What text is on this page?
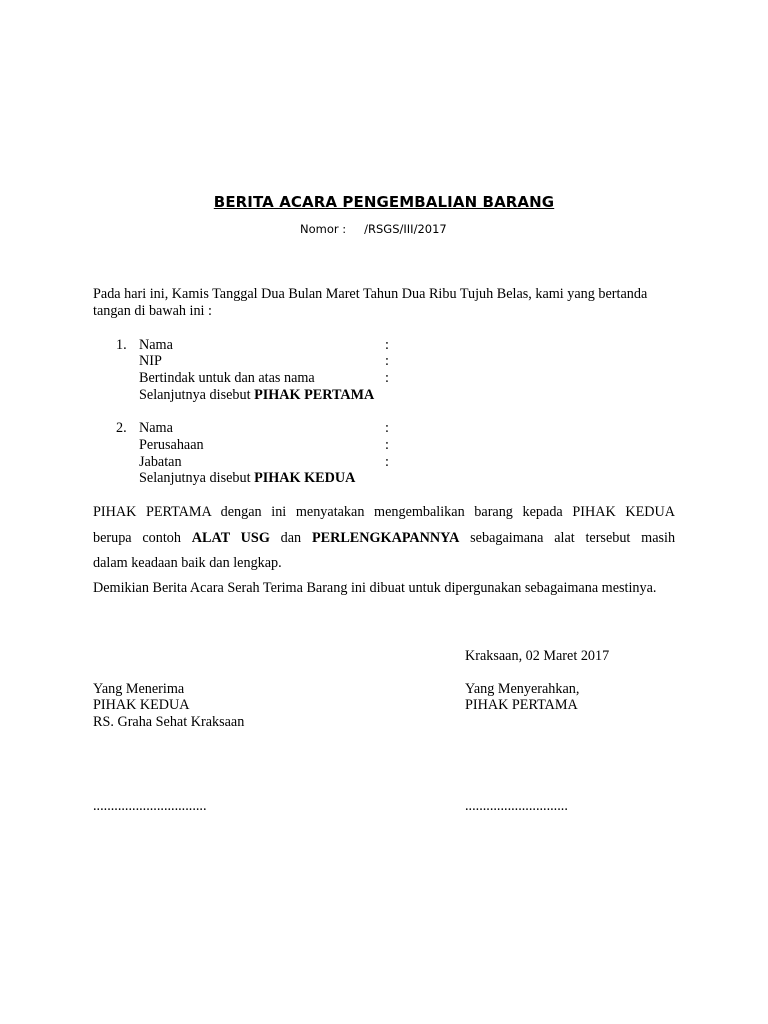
BERITA ACARA PENGEMBALIAN BARANG
Nomor : /RSGS/III/2017
Pada hari ini, Kamis Tanggal Dua Bulan Maret Tahun Dua Ribu Tujuh Belas, kami yang bertanda tangan di bawah ini :
1. Nama	:
NIP	:
Bertindak untuk dan atas nama	:
Selanjutnya disebut PIHAK PERTAMA
2. Nama	:
Perusahaan	:
Jabatan	:
Selanjutnya disebut PIHAK KEDUA
PIHAK PERTAMA dengan ini menyatakan mengembalikan barang kepada PIHAK KEDUA
berupa contoh ALAT USG dan PERLENGKAPANNYA sebagaimana alat tersebut masih
dalam keadaan baik dan lengkap.
Demikian Berita Acara Serah Terima Barang ini dibuat untuk dipergunakan sebagaimana mestinya.
Kraksaan, 02 Maret 2017
Yang Menerima
PIHAK KEDUA
RS. Graha Sehat Kraksaan
................................
Yang Menyerahkan,
PIHAK PERTAMA
.............................
